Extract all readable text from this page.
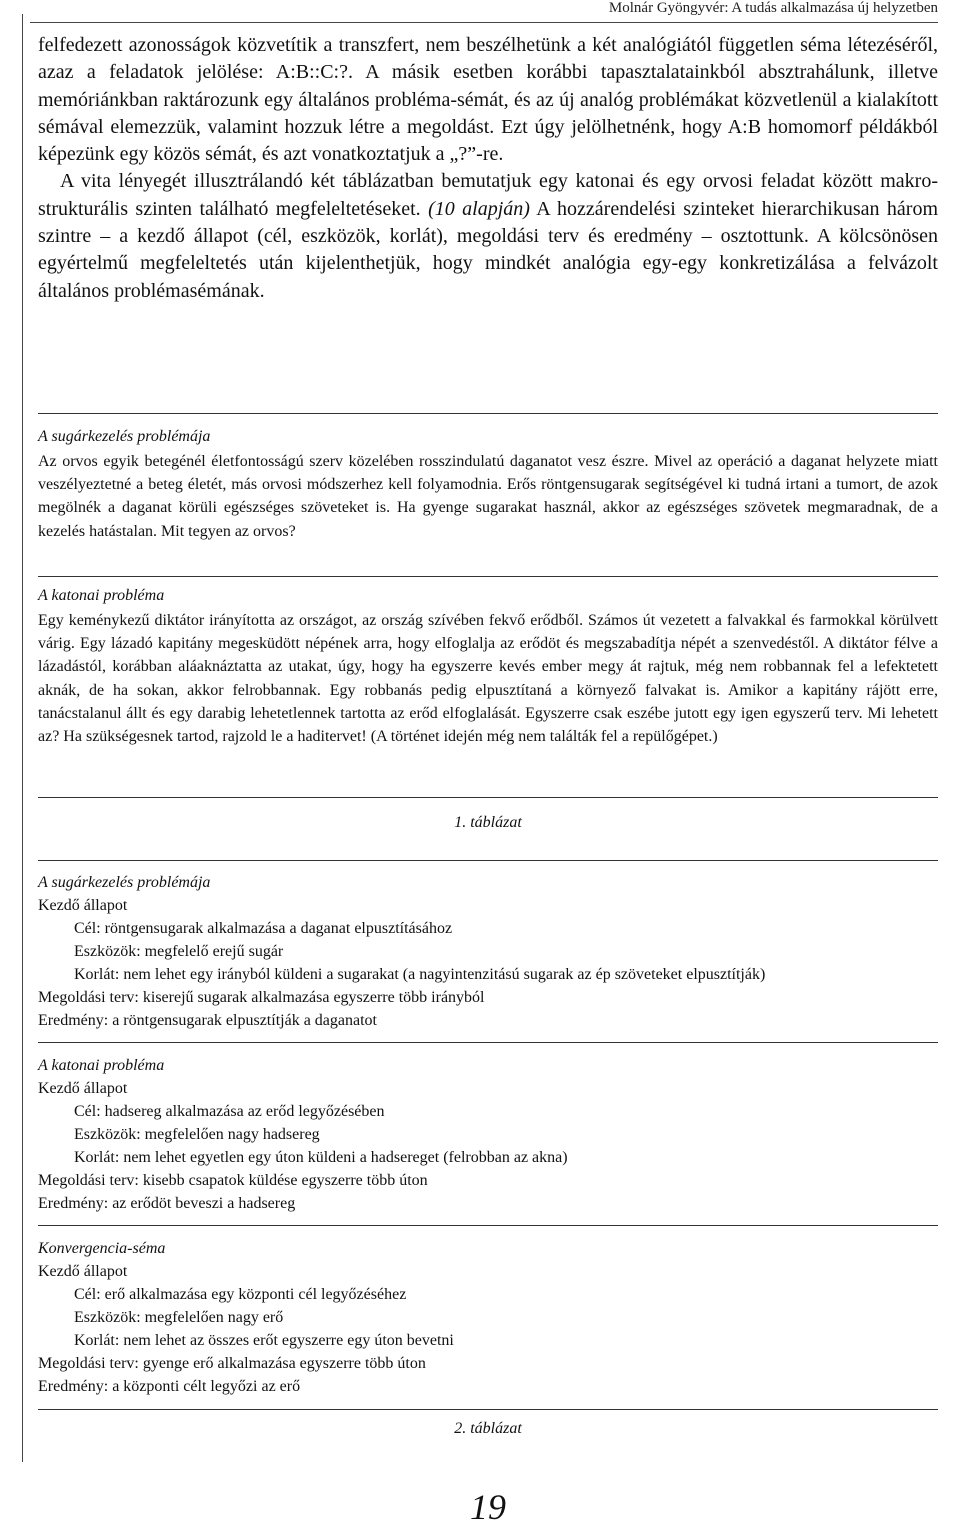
Molnár Gyöngyvér: A tudás alkalmazása új helyzetben

felfedezett azonosságok közvetítik a transzfert, nem beszélhetünk a két analógiától független séma létezéséről, azaz a feladatok jelölése: A:B::C:?. A másik esetben korábbi tapasztalatainkból absztrahálunk, illetve memóriánkban raktározunk egy általános probléma-sémát, és az új analóg problémákat közvetlenül a kialakított sémával elemezzük, valamint hozzuk létre a megoldást. Ezt úgy jelölhetnénk, hogy A:B homomorf példákból képezünk egy közös sémát, és azt vonatkoztatjuk a „?”-re.

A vita lényegét illusztrálandó két táblázatban bemutatjuk egy katonai és egy orvosi feladat között makro-strukturális szinten található megfeleltetéseket. (10 alapján) A hozzárendelési szinteket hierarchikusan három szintre – a kezdő állapot (cél, eszközök, korlát), megoldási terv és eredmény – osztottunk. A kölcsönösen egyértelmű megfeleltetés után kijelenthetjük, hogy mindkét analógia egy-egy konkretizálása a felvázolt általános problémasémának.

A sugárkezelés problémája

Az orvos egyik betegénél életfontosságú szerv közelében rosszindulatú daganatot vesz észre. Mivel az operáció a daganat helyzete miatt veszélyeztetné a beteg életét, más orvosi módszerhez kell folyamodnia. Erős röntgensugarak segítségével ki tudná irtani a tumort, de azok megölnék a daganat körüli egészséges szöveteket is. Ha gyenge sugarakat használ, akkor az egészséges szövetek megmaradnak, de a kezelés hatástalan. Mit tegyen az orvos?

A katonai probléma

Egy keménykezű diktátor irányította az országot, az ország szívében fekvő erődből. Számos út vezetett a falvakkal és farmokkal körülvett várig. Egy lázadó kapitány megesküdött népének arra, hogy elfoglalja az erődöt és megszabadítja népét a szenvedéstől. A diktátor félve a lázadástól, korábban aláaknáztatta az utakat, úgy, hogy ha egyszerre kevés ember megy át rajtuk, még nem robbannak fel a lefektetett aknák, de ha sokan, akkor felrobbannak. Egy robbanás pedig elpusztítaná a környező falvakat is. Amikor a kapitány rájött erre, tanácstalanul állt és egy darabig lehetetlennek tartotta az erőd elfoglalását. Egyszerre csak eszébe jutott egy igen egyszerű terv. Mi lehetett az? Ha szükségesnek tartod, rajzold le a haditervet! (A történet idején még nem találták fel a repülőgépet.)

1. táblázat
A sugárkezelés problémája
Kezdő állapot
Cél: röntgensugarak alkalmazása a daganat elpusztításához
Eszközök: megfelelő erejű sugár
Korlát: nem lehet egy irányból küldeni a sugarakat (a nagyintenzitású sugarak az ép szöveteket elpusztítják)
Megoldási terv: kiserejű sugarak alkalmazása egyszerre több irányból
Eredmény: a röntgensugarak elpusztítják a daganatot
A katonai probléma
Kezdő állapot
Cél: hadsereg alkalmazása az erőd legyőzésében
Eszközök: megfelelően nagy hadsereg
Korlát: nem lehet egyetlen egy úton küldeni a hadsereget (felrobban az akna)
Megoldási terv: kisebb csapatok küldése egyszerre több úton
Eredmény: az erődöt beveszi a hadsereg
Konvergencia-séma
Kezdő állapot
Cél: erő alkalmazása egy központi cél legyőzéséhez
Eszközök: megfelelően nagy erő
Korlát: nem lehet az összes erőt egyszerre egy úton bevetni
Megoldási terv: gyenge erő alkalmazása egyszerre több úton
Eredmény: a központi célt legyőzi az erő
2. táblázat
19
